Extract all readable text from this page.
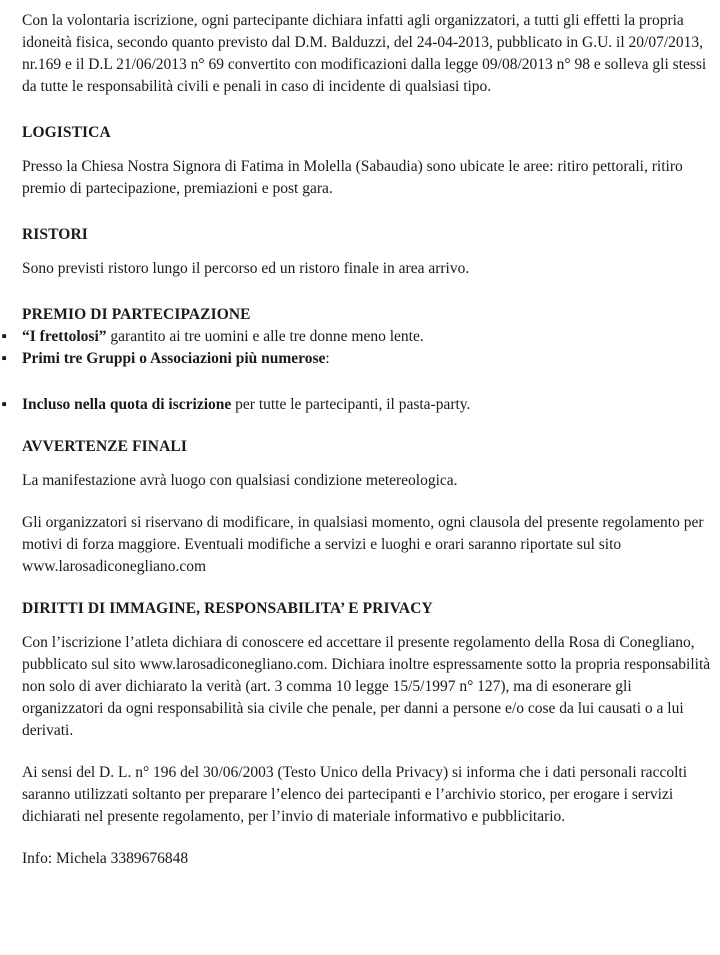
Con la volontaria iscrizione, ogni partecipante dichiara infatti agli organizzatori, a tutti gli effetti la propria idoneità fisica, secondo quanto previsto dal D.M. Balduzzi, del 24-04-2013, pubblicato in G.U. il 20/07/2013, nr.169 e il D.L 21/06/2013 n° 69 convertito con modificazioni dalla legge 09/08/2013 n° 98 e solleva gli stessi da tutte le responsabilità civili e penali in caso di incidente di qualsiasi tipo.

LOGISTICA

Presso la Chiesa Nostra Signora di Fatima in Molella (Sabaudia) sono ubicate le aree: ritiro pettorali, ritiro premio di partecipazione, premiazioni e post gara.

RISTORI

Sono previsti ristoro lungo il percorso ed un ristoro finale in area arrivo.

PREMIO DI PARTECIPAZIONE
▪ “I frettolosi” garantito ai tre uomini e alle tre donne meno lente.
▪ Primi tre Gruppi o Associazioni più numerose:
▪ Incluso nella quota di iscrizione per tutte le partecipanti, il pasta-party.
AVVERTENZE FINALI

La manifestazione avrà luogo con qualsiasi condizione metereologica.

Gli organizzatori si riservano di modificare, in qualsiasi momento, ogni clausola del presente regolamento per motivi di forza maggiore. Eventuali modifiche a servizi e luoghi e orari saranno riportate sul sito www.larosadiconegliano.com

DIRITTI DI IMMAGINE, RESPONSABILITA’ E PRIVACY

Con l’iscrizione l’atleta dichiara di conoscere ed accettare il presente regolamento della Rosa di Conegliano, pubblicato sul sito www.larosadiconegliano.com. Dichiara inoltre espressamente sotto la propria responsabilità non solo di aver dichiarato la verità (art. 3 comma 10 legge 15/5/1997 n° 127), ma di esonerare gli organizzatori da ogni responsabilità sia civile che penale, per danni a persone e/o cose da lui causati o a lui derivati.

Ai sensi del D. L. n° 196 del 30/06/2003 (Testo Unico della Privacy) si informa che i dati personali raccolti saranno utilizzati soltanto per preparare l’elenco dei partecipanti e l’archivio storico, per erogare i servizi dichiarati nel presente regolamento, per l’invio di materiale informativo e pubblicitario.

Info: Michela 3389676848
